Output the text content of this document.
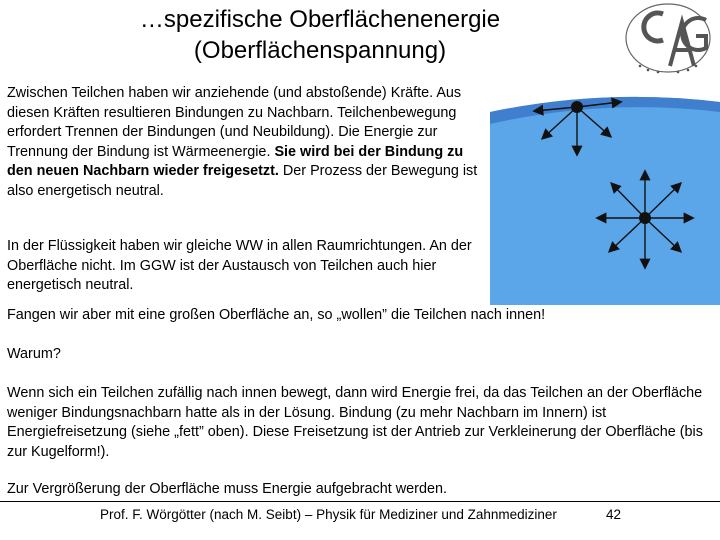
…spezifische Oberflächenenergie
(Oberflächenspannung)

Zwischen Teilchen haben wir anziehende (und abstoßende) Kräfte. Aus diesen Kräften resultieren Bindungen zu Nachbarn. Teilchenbewegung erfordert Trennen der Bindungen (und Neubildung). Die Energie zur Trennung der Bindung ist Wärmeenergie. Sie wird bei der Bindung zu den neuen Nachbarn wieder freigesetzt. Der Prozess der Bewegung ist also energetisch neutral.

In der Flüssigkeit haben wir gleiche WW in allen Raumrichtungen. An der Oberfläche nicht. Im GGW ist der Austausch von Teilchen auch hier energetisch neutral.

Fangen wir aber mit eine großen Oberfläche an, so „wollen” die Teilchen nach innen!

Warum?

Wenn sich ein Teilchen zufällig nach innen bewegt, dann wird Energie frei, da das Teilchen an der Oberfläche weniger Bindungsnachbarn hatte als in der Lösung. Bindung (zu mehr Nachbarn im Innern) ist Energiefreisetzung (siehe „fett” oben). Diese Freisetzung ist der Antrieb zur Verkleinerung der Oberfläche (bis zur Kugelform!).

Zur Vergrößerung der Oberfläche muss Energie aufgebracht werden.

Prof. F. Wörgötter (nach M. Seibt) – Physik für Mediziner und Zahnmediziner	42
